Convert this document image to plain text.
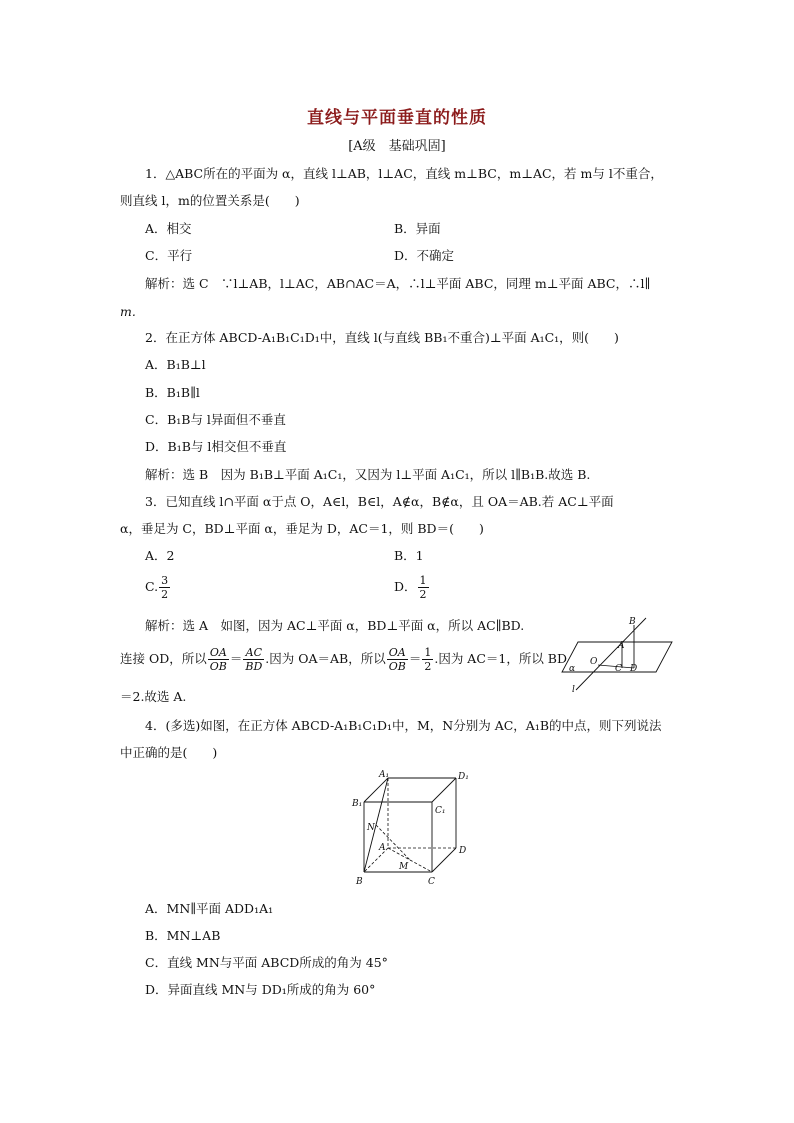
直线与平面垂直的性质
[A级　基础巩固]
1．△ABC所在的平面为 α，直线 l⊥AB，l⊥AC，直线 m⊥BC，m⊥AC，若 m与 l不重合，
则直线 l，m的位置关系是(　　)
A．相交	B．异面
C．平行	D．不确定
解析：选 C　∵l⊥AB，l⊥AC，AB∩AC＝A，∴l⊥平面 ABC，同理 m⊥平面 ABC，∴l∥
m.
2．在正方体 ABCD-A₁B₁C₁D₁中，直线 l(与直线 BB₁不重合)⊥平面 A₁C₁，则(　　)
A．B₁B⊥l
B．B₁B∥l
C．B₁B与 l异面但不垂直
D．B₁B与 l相交但不垂直
解析：选 B　因为 B₁B⊥平面 A₁C₁，又因为 l⊥平面 A₁C₁，所以 l∥B₁B.故选 B.
3．已知直线 l∩平面 α于点 O，A∈l，B∈l，A∉α，B∉α，且 OA＝AB.若 AC⊥平面
α，垂足为 C，BD⊥平面 α，垂足为 D，AC＝1，则 BD＝(　　)
A．2	B．1
C. $\frac{3}{2}$	D． $\frac{1}{2}$
解析：选 A　如图，因为 AC⊥平面 α，BD⊥平面 α，所以 AC∥BD.
连接 OD，所以 $\frac{OA}{OB} = \frac{AC}{BD}$ .因为 OA＝AB，所以 $\frac{OA}{OB} = \frac{1}{2}$ .因为 AC＝1，所以 BD
＝2.故选 A.
B
A
O
C D
α
l
4．(多选)如图，在正方体 ABCD-A₁B₁C₁D₁中，M，N分别为 AC，A₁B的中点，则下列说法
中正确的是(　　)
A₁	D₁
B₁
C₁
N
A	D
M
B	C
A．MN∥平面 ADD₁A₁
B．MN⊥AB
C．直线 MN与平面 ABCD所成的角为 45°
D．异面直线 MN与 DD₁所成的角为 60°
